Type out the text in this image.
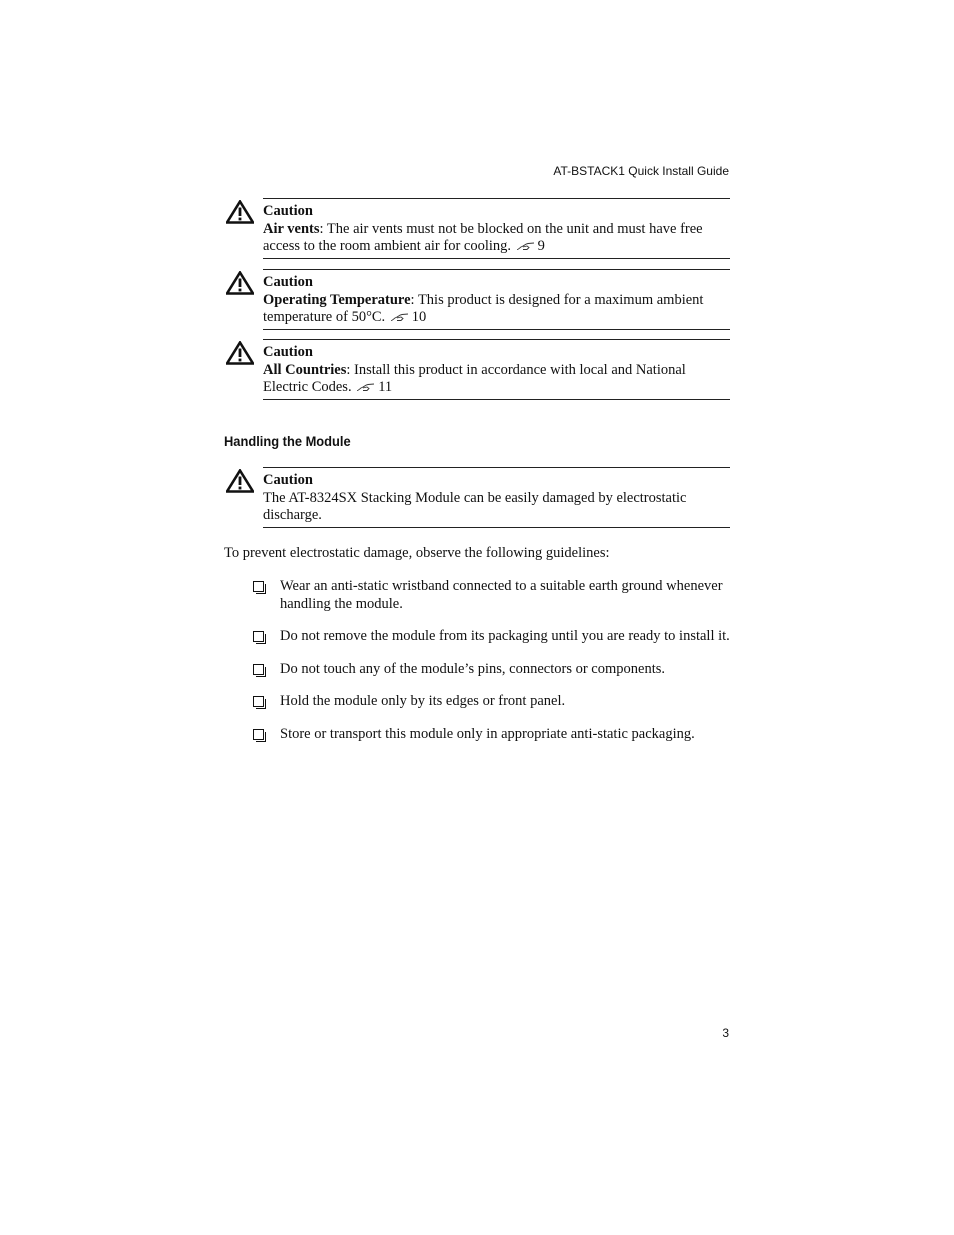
AT-BSTACK1 Quick Install Guide
Caution
Air vents: The air vents must not be blocked on the unit and must have free access to the room ambient air for cooling. 9
Caution
Operating Temperature: This product is designed for a maximum ambient temperature of 50°C. 10
Caution
All Countries: Install this product in accordance with local and National Electric Codes. 11
Handling the Module
Caution
The AT-8324SX Stacking Module can be easily damaged by electrostatic discharge.
To prevent electrostatic damage, observe the following guidelines:
Wear an anti-static wristband connected to a suitable earth ground whenever handling the module.
Do not remove the module from its packaging until you are ready to install it.
Do not touch any of the module’s pins, connectors or components.
Hold the module only by its edges or front panel.
Store or transport this module only in appropriate anti-static packaging.
3
